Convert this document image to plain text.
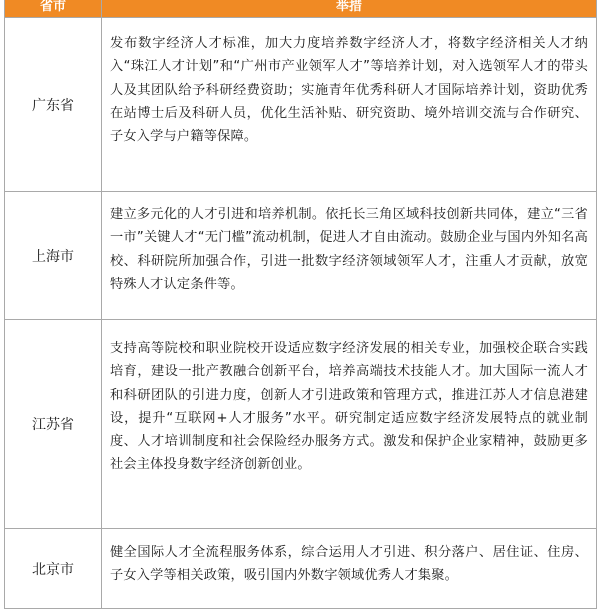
省市	举措
广东省	发布数字经济人才标准，加大力度培养数字经济人才，将数字经济相关人才纳入“珠江人才计划”和“广州市产业领军人才”等培养计划，对入选领军人才的带头人及其团队给予科研经费资助；实施青年优秀科研人才国际培养计划，资助优秀在站博士后及科研人员，优化生活补贴、研究资助、境外培训交流与合作研究、子女入学与户籍等保障。
上海市	建立多元化的人才引进和培养机制。依托长三角区域科技创新共同体，建立“三省一市”关键人才“无门槛”流动机制，促进人才自由流动。鼓励企业与国内外知名高校、科研院所加强合作，引进一批数字经济领域领军人才，注重人才贡献，放宽特殊人才认定条件等。
江苏省	支持高等院校和职业院校开设适应数字经济发展的相关专业，加强校企联合实践培育，建设一批产教融合创新平台，培养高端技术技能人才。加大国际一流人才和科研团队的引进力度，创新人才引进政策和管理方式，推进江苏人才信息港建设，提升“互联网+人才服务”水平。研究制定适应数字经济发展特点的就业制度、人才培训制度和社会保险经办服务方式。激发和保护企业家精神，鼓励更多社会主体投身数字经济创新创业。
北京市	健全国际人才全流程服务体系，综合运用人才引进、积分落户、居住证、住房、子女入学等相关政策，吸引国内外数字领域优秀人才集聚。
